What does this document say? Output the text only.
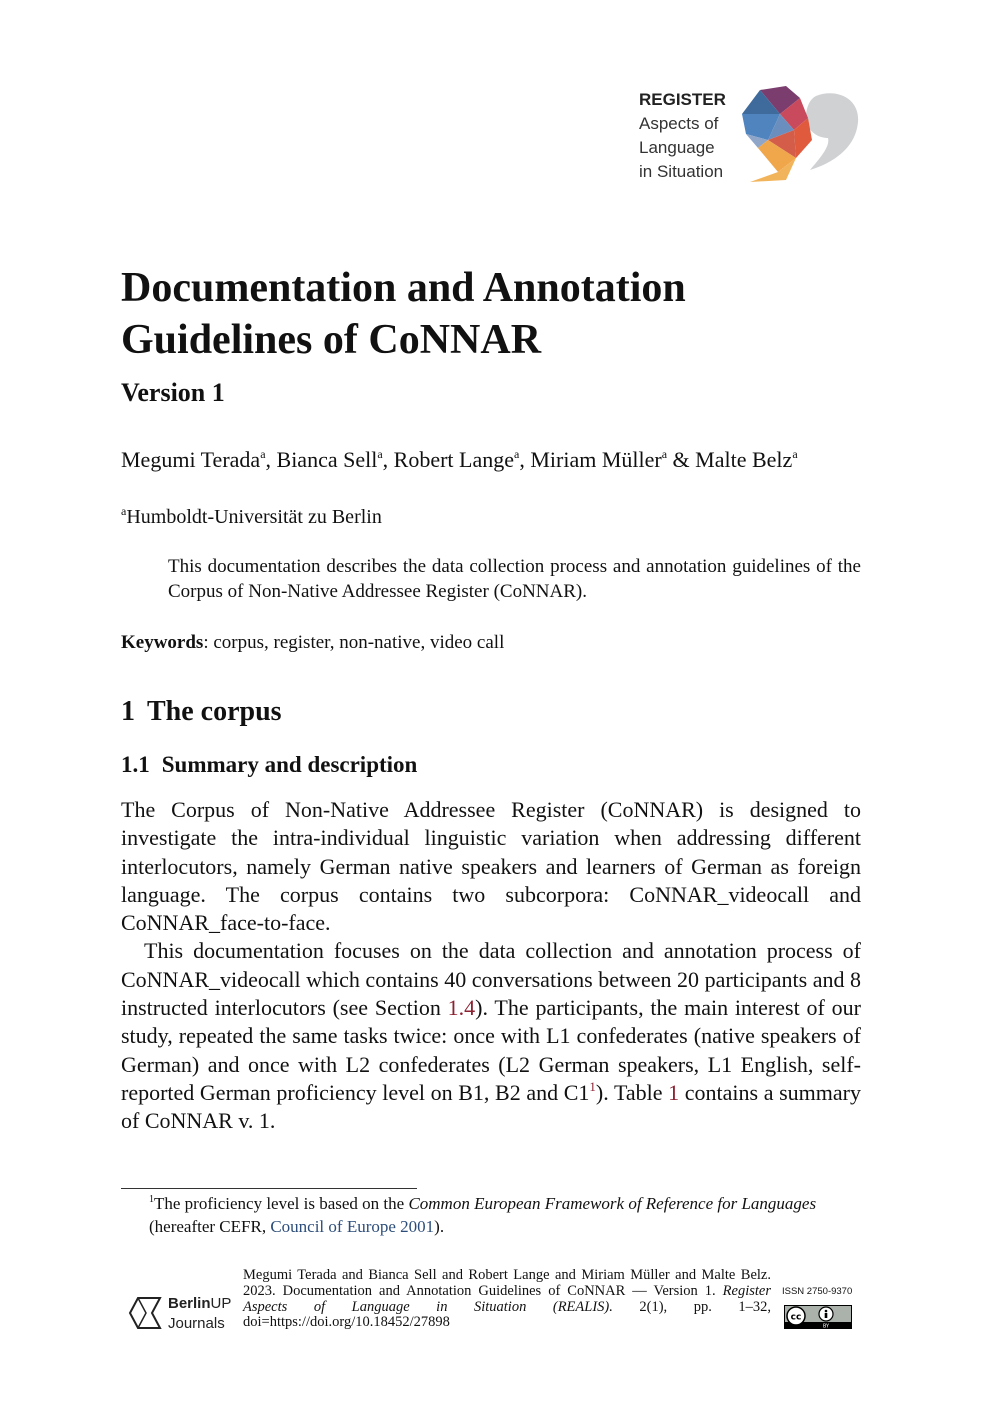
REGISTER
Aspects of
Language
in Situation
Documentation and Annotation Guidelines of CoNNAR
Version 1
Megumi Terada$^a$, Bianca Sell$^a$, Robert Lange$^a$, Miriam Müller$^a$ & Malte Belz$^a$
$^a$Humboldt-Universität zu Berlin
This documentation describes the data collection process and annotation guidelines of the Corpus of Non-Native Addressee Register (CoNNAR).
Keywords: corpus, register, non-native, video call
1 The corpus
1.1 Summary and description

The Corpus of Non-Native Addressee Register (CoNNAR) is designed to investigate the intra-individual linguistic variation when addressing different interlocutors, namely German native speakers and learners of German as foreign language. The corpus contains two subcorpora: CoNNAR_videocall and CoNNAR_face-to-face.

This documentation focuses on the data collection and annotation process of CoNNAR_videocall which contains 40 conversations between 20 participants and 8 instructed interlocutors (see Section 1.4). The participants, the main interest of our study, repeated the same tasks twice: once with L1 confederates (native speakers of German) and once with L2 confederates (L2 German speakers, L1 English, self-reported German proficiency level on B1, B2 and $C1^1$). Table 1 contains a summary of CoNNAR v. 1.

$^1$The proficiency level is based on the Common European Framework of Reference for Languages (hereafter CEFR, Council of Europe 2001).
BerlinUP
Journals
Megumi Terada and Bianca Sell and Robert Lange and Miriam Müller and Malte Belz. 2023. Documentation and Annotation Guidelines of CoNNAR — Version 1. Register Aspects of Language in Situation (REALIS). 2(1), pp. 1–32, doi=https://doi.org/10.18452/27898
ISSN 2750-9370
cc
BY
